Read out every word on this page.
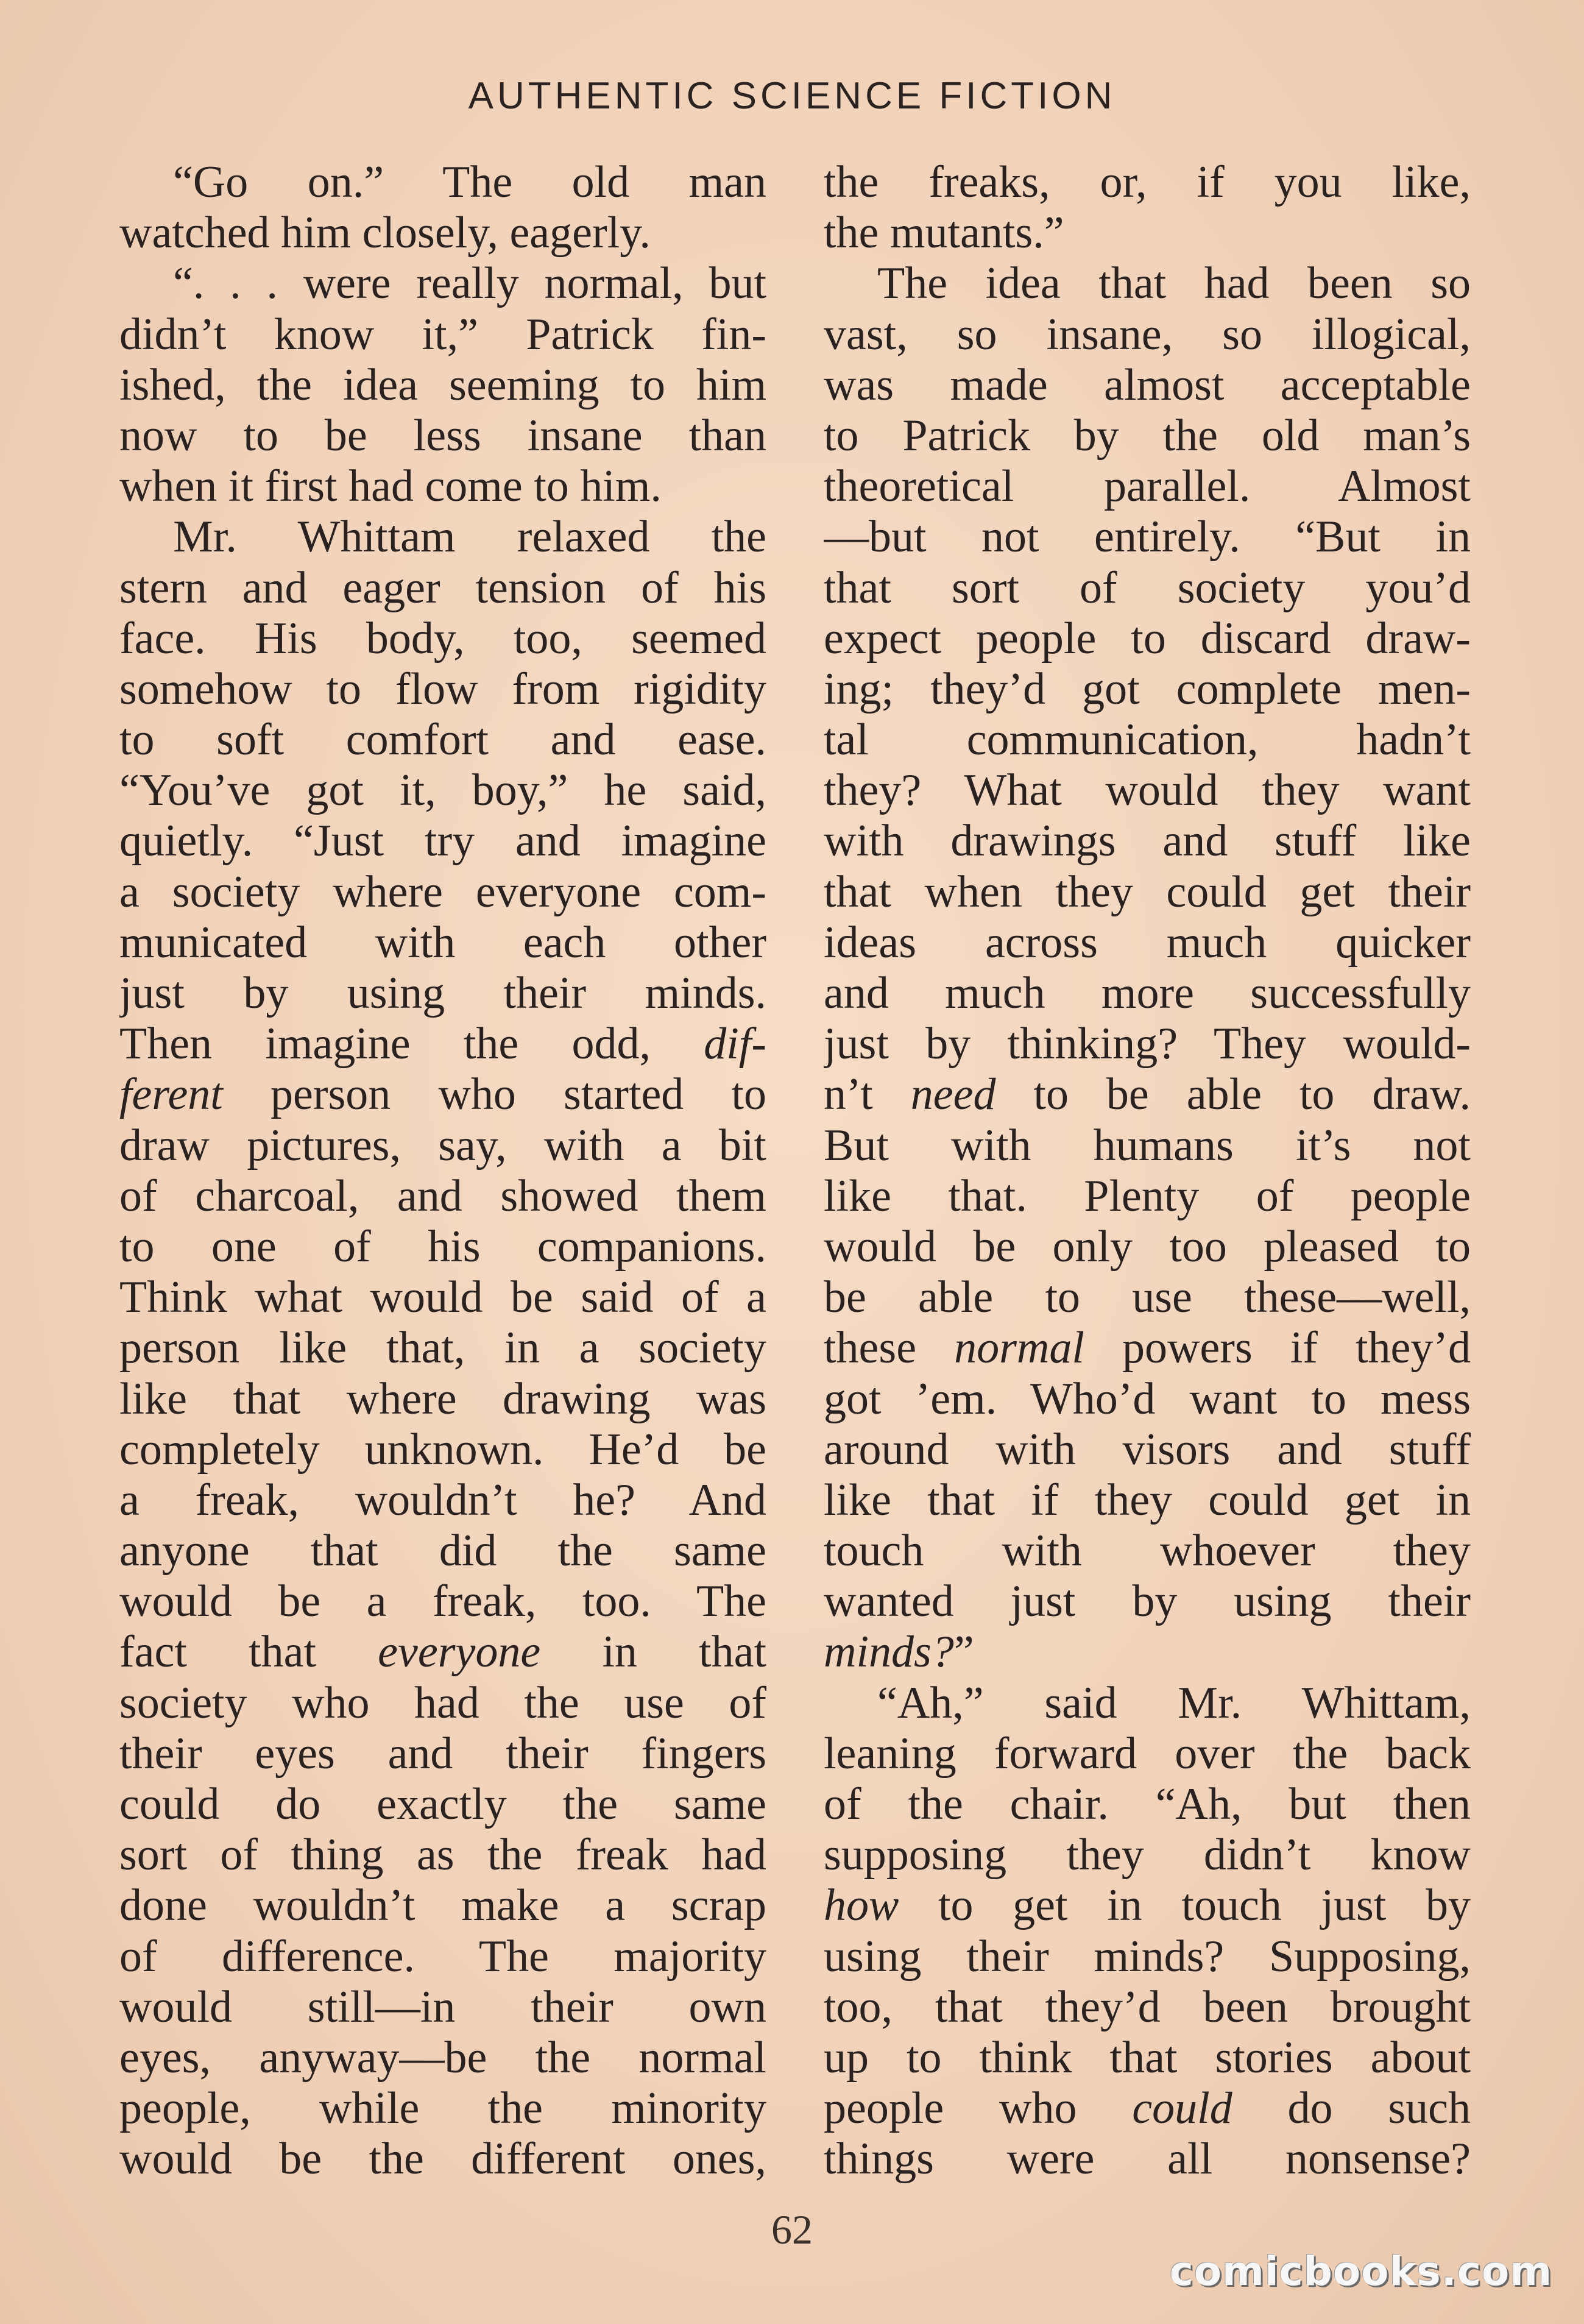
AUTHENTIC SCIENCE FICTION
“Go on.” The old man
watched him closely, eagerly.
“. . . were really normal, but
didn’t know it,” Patrick fin-
ished, the idea seeming to him
now to be less insane than
when it first had come to him.
Mr. Whittam relaxed the
stern and eager tension of his
face. His body, too, seemed
somehow to flow from rigidity
to soft comfort and ease.
“You’ve got it, boy,” he said,
quietly. “Just try and imagine
a society where everyone com-
municated with each other
just by using their minds.
Then imagine the odd, dif-
ferent person who started to
draw pictures, say, with a bit
of charcoal, and showed them
to one of his companions.
Think what would be said of a
person like that, in a society
like that where drawing was
completely unknown. He’d be
a freak, wouldn’t he? And
anyone that did the same
would be a freak, too. The
fact that everyone in that
society who had the use of
their eyes and their fingers
could do exactly the same
sort of thing as the freak had
done wouldn’t make a scrap
of difference. The majority
would still—in their own
eyes, anyway—be the normal
people, while the minority
would be the different ones,
the freaks, or, if you like,
the mutants.”
The idea that had been so
vast, so insane, so illogical,
was made almost acceptable
to Patrick by the old man’s
theoretical parallel. Almost
—but not entirely. “But in
that sort of society you’d
expect people to discard draw-
ing; they’d got complete men-
tal communication, hadn’t
they? What would they want
with drawings and stuff like
that when they could get their
ideas across much quicker
and much more successfully
just by thinking? They would-
n’t need to be able to draw.
But with humans it’s not
like that. Plenty of people
would be only too pleased to
be able to use these—well,
these normal powers if they’d
got ’em. Who’d want to mess
around with visors and stuff
like that if they could get in
touch with whoever they
wanted just by using their
minds?”
“Ah,” said Mr. Whittam,
leaning forward over the back
of the chair. “Ah, but then
supposing they didn’t know
how to get in touch just by
using their minds? Supposing,
too, that they’d been brought
up to think that stories about
people who could do such
things were all nonsense?
62
comicbooks.com
